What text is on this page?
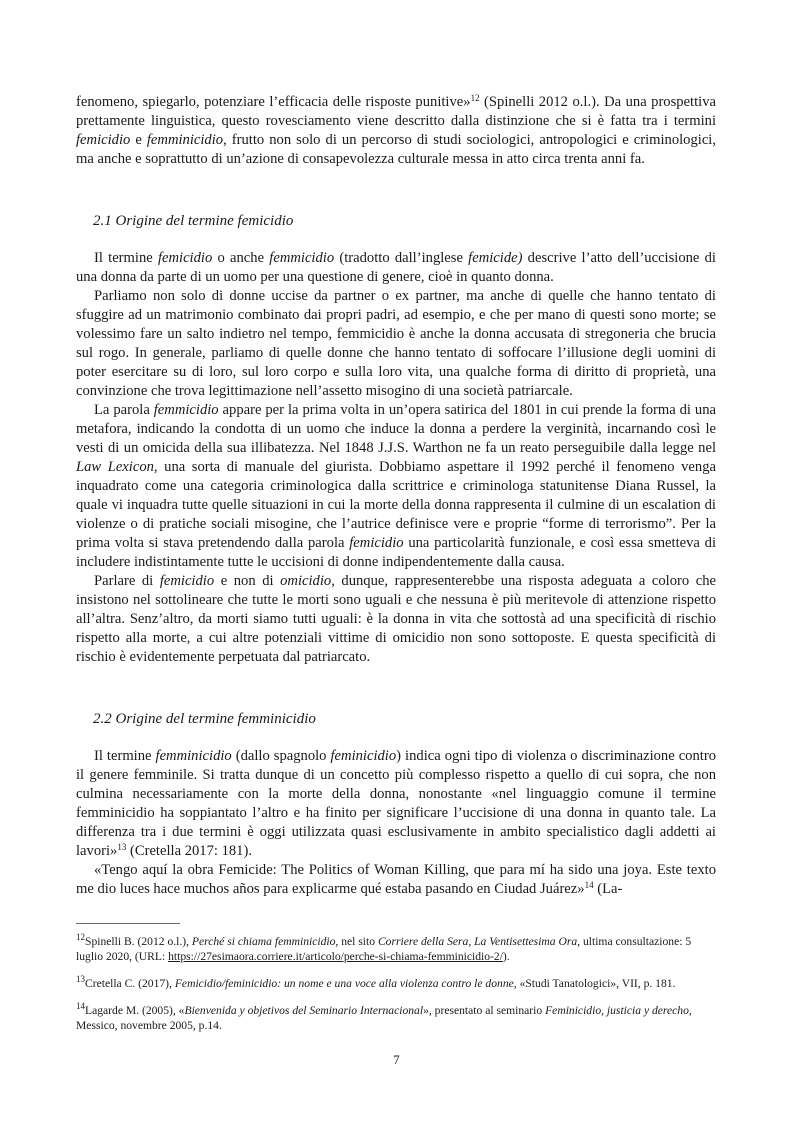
fenomeno, spiegarlo, potenziare l’efficacia delle risposte punitive»$^{12}$ (Spinelli 2012 o.l.). Da una prospettiva prettamente linguistica, questo rovesciamento viene descritto dalla distinzione che si è fatta tra i termini femicidio e femminicidio, frutto non solo di un percorso di studi sociologici, antropologici e criminologici, ma anche e soprattutto di un’azione di consapevolezza culturale messa in atto circa trenta anni fa.

2.1 Origine del termine femicidio

Il termine femicidio o anche femmicidio (tradotto dall’inglese femicide) descrive l’atto dell’uccisione di una donna da parte di un uomo per una questione di genere, cioè in quanto donna.

Parliamo non solo di donne uccise da partner o ex partner, ma anche di quelle che hanno tentato di sfuggire ad un matrimonio combinato dai propri padri, ad esempio, e che per mano di questi sono morte; se volessimo fare un salto indietro nel tempo, femmicidio è anche la donna accusata di stregoneria che brucia sul rogo. In generale, parliamo di quelle donne che hanno tentato di soffocare l’illusione degli uomini di poter esercitare su di loro, sul loro corpo e sulla loro vita, una qualche forma di diritto di proprietà, una convinzione che trova legittimazione nell’assetto misogino di una società patriarcale.

La parola femmicidio appare per la prima volta in un’opera satirica del 1801 in cui prende la forma di una metafora, indicando la condotta di un uomo che induce la donna a perdere la verginità, incarnando così le vesti di un omicida della sua illibatezza. Nel 1848 J.J.S. Warthon ne fa un reato perseguibile dalla legge nel Law Lexicon, una sorta di manuale del giurista. Dobbiamo aspettare il 1992 perché il fenomeno venga inquadrato come una categoria criminologica dalla scrittrice e criminologa statunitense Diana Russel, la quale vi inquadra tutte quelle situazioni in cui la morte della donna rappresenta il culmine di un escalation di violenze o di pratiche sociali misogine, che l’autrice definisce vere e proprie “forme di terrorismo”. Per la prima volta si stava pretendendo dalla parola femicidio una particolarità funzionale, e così essa smetteva di includere indistintamente tutte le uccisioni di donne indipendentemente dalla causa.

Parlare di femicidio e non di omicidio, dunque, rappresenterebbe una risposta adeguata a coloro che insistono nel sottolineare che tutte le morti sono uguali e che nessuna è più meritevole di attenzione rispetto all’altra. Senz’altro, da morti siamo tutti uguali: è la donna in vita che sottostà ad una specificità di rischio rispetto alla morte, a cui altre potenziali vittime di omicidio non sono sottoposte. E questa specificità di rischio è evidentemente perpetuata dal patriarcato.

2.2 Origine del termine femminicidio

Il termine femminicidio (dallo spagnolo feminicidio) indica ogni tipo di violenza o discriminazione contro il genere femminile. Si tratta dunque di un concetto più complesso rispetto a quello di cui sopra, che non culmina necessariamente con la morte della donna, nonostante «nel linguaggio comune il termine femminicidio ha soppiantato l’altro e ha finito per significare l’uccisione di una donna in quanto tale. La differenza tra i due termini è oggi utilizzata quasi esclusivamente in ambito specialistico dagli addetti ai lavori»$^{13}$ (Cretella 2017: 181).

«Tengo aquí la obra Femicide: The Politics of Woman Killing, que para mí ha sido una joya. Este texto me dio luces hace muchos años para explicarme qué estaba pasando en Ciudad Juárez»$^{14}$ (La-

$^{12}$Spinelli B. (2012 o.l.), Perché si chiama femminicidio, nel sito Corriere della Sera, La Ventisettesima Ora, ultima consultazione: 5 luglio 2020, (URL: https://27esimaora.corriere.it/articolo/perche-si-chiama-femminicidio-2/).

$^{13}$Cretella C. (2017), Femicidio/feminicidio: un nome e una voce alla violenza contro le donne, «Studi Tanatologici», VII, p. 181.

$^{14}$Lagarde M. (2005), «Bienvenida y objetivos del Seminario Internacional», presentato al seminario Feminicidio, justicia y derecho, Messico, novembre 2005, p.14.

7
